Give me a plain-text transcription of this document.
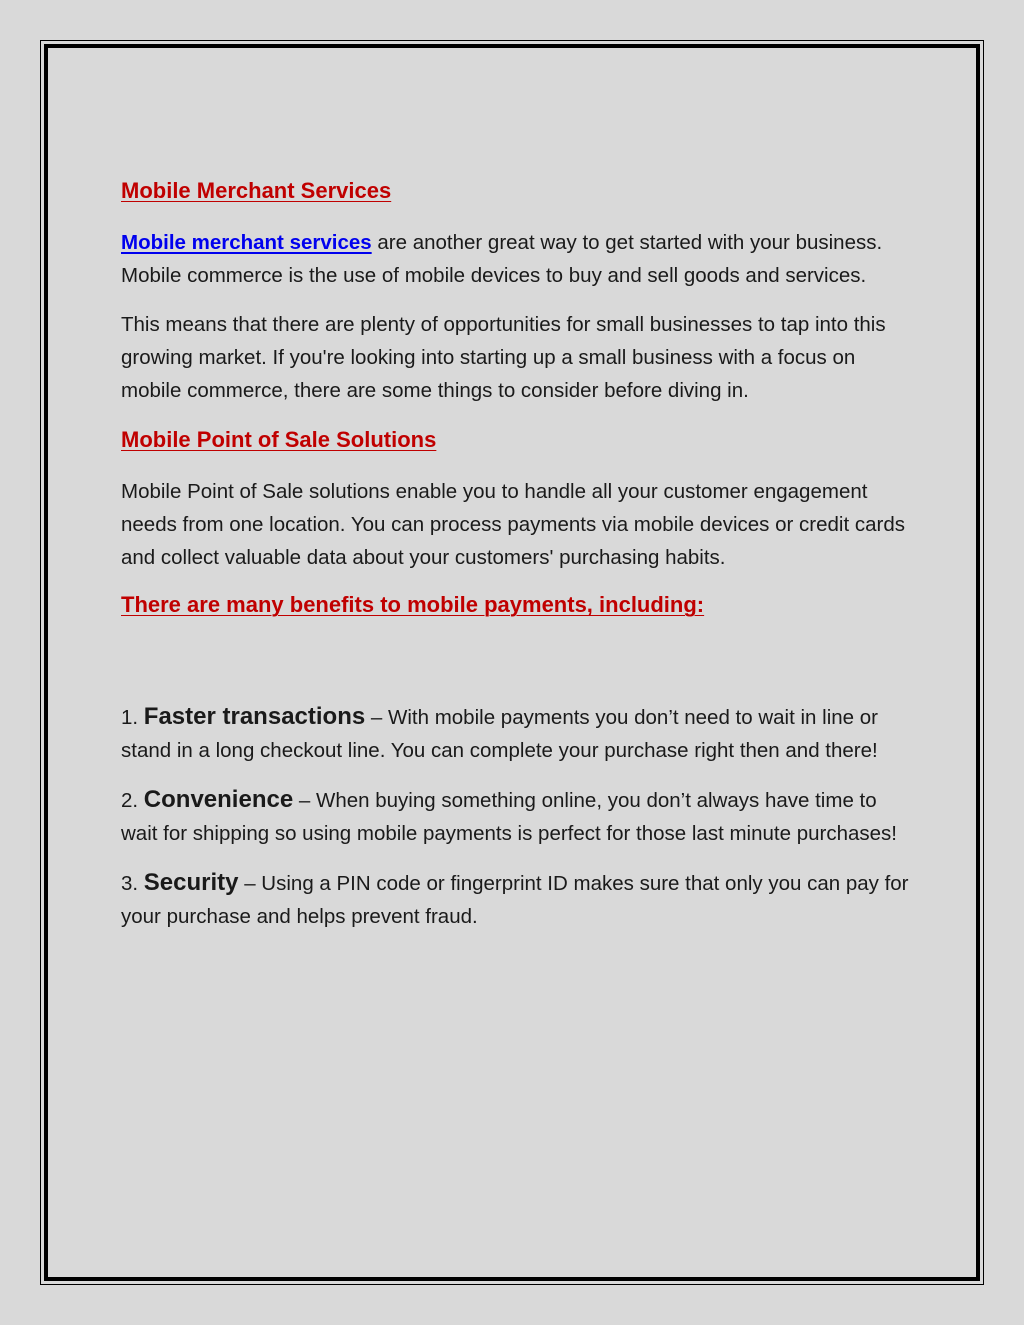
Mobile Merchant Services

Mobile merchant services are another great way to get started with your business. Mobile commerce is the use of mobile devices to buy and sell goods and services.

This means that there are plenty of opportunities for small businesses to tap into this growing market. If you're looking into starting up a small business with a focus on mobile commerce, there are some things to consider before diving in.

Mobile Point of Sale Solutions

Mobile Point of Sale solutions enable you to handle all your customer engagement needs from one location. You can process payments via mobile devices or credit cards and collect valuable data about your customers' purchasing habits.

There are many benefits to mobile payments, including:

1. Faster transactions – With mobile payments you don’t need to wait in line or stand in a long checkout line. You can complete your purchase right then and there!

2. Convenience – When buying something online, you don’t always have time to wait for shipping so using mobile payments is perfect for those last minute purchases!

3. Security – Using a PIN code or fingerprint ID makes sure that only you can pay for your purchase and helps prevent fraud.
